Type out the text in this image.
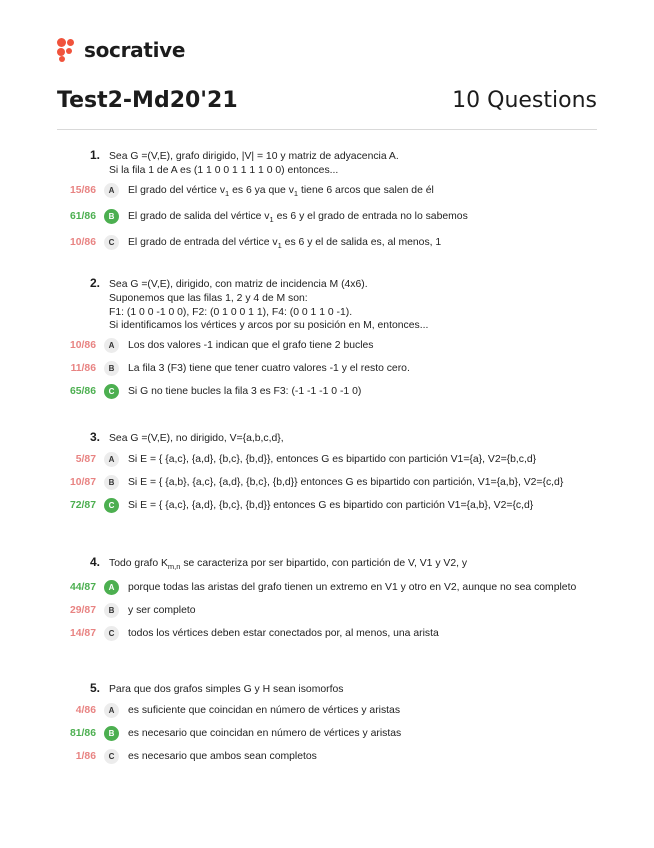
socrative
Test2-Md20'21	10 Questions
1. Sea G =(V,E), grafo dirigido, |V| = 10 y matriz de adyacencia A.
Si la fila 1 de A es (1 1 0 0 1 1 1 1 0 0) entonces...
15/86	A	El grado del vértice $v_1$ es 6 ya que $v_1$ tiene 6 arcos que salen de él
61/86	B	El grado de salida del vértice $v_1$ es 6 y el grado de entrada no lo sabemos
10/86	C	El grado de entrada del vértice $v_1$ es 6 y el de salida es, al menos, 1
2. Sea G =(V,E), dirigido, con matriz de incidencia M (4x6).
Suponemos que las filas 1, 2 y 4 de M son:
F1: (1 0 0 -1 0 0), F2: (0 1 0 0 1 1), F4: (0 0 1 1 0 -1).
Si identificamos los vértices y arcos por su posición en M, entonces...
10/86	A	Los dos valores -1 indican que el grafo tiene 2 bucles
11/86	B	La fila 3 (F3) tiene que tener cuatro valores -1 y el resto cero.
65/86	C	Si G no tiene bucles la fila 3 es F3: (-1 -1 -1 0 -1 0)
3. Sea G =(V,E), no dirigido, V={a,b,c,d},
5/87	A	Si E = { {a,c}, {a,d}, {b,c}, {b,d}}, entonces G es bipartido con partición V1={a}, V2={b,c,d}
10/87	B	Si E = { {a,b}, {a,c}, {a,d}, {b,c}, {b,d}} entonces G es bipartido con partición, V1={a,b}, V2={c,d}
72/87	C	Si E = { {a,c}, {a,d}, {b,c}, {b,d}} entonces G es bipartido con partición V1={a,b}, V2={c,d}
4. Todo grafo $K_{m,n}$ se caracteriza por ser bipartido, con partición de V, V1 y V2, y
44/87	A	porque todas las aristas del grafo tienen un extremo en V1 y otro en V2, aunque no sea completo
29/87	B	y ser completo
14/87	C	todos los vértices deben estar conectados por, al menos, una arista
5. Para que dos grafos simples G y H sean isomorfos
4/86	A	es suficiente que coincidan en número de vértices y aristas
81/86	B	es necesario que coincidan en número de vértices y aristas
1/86	C	es necesario que ambos sean completos
